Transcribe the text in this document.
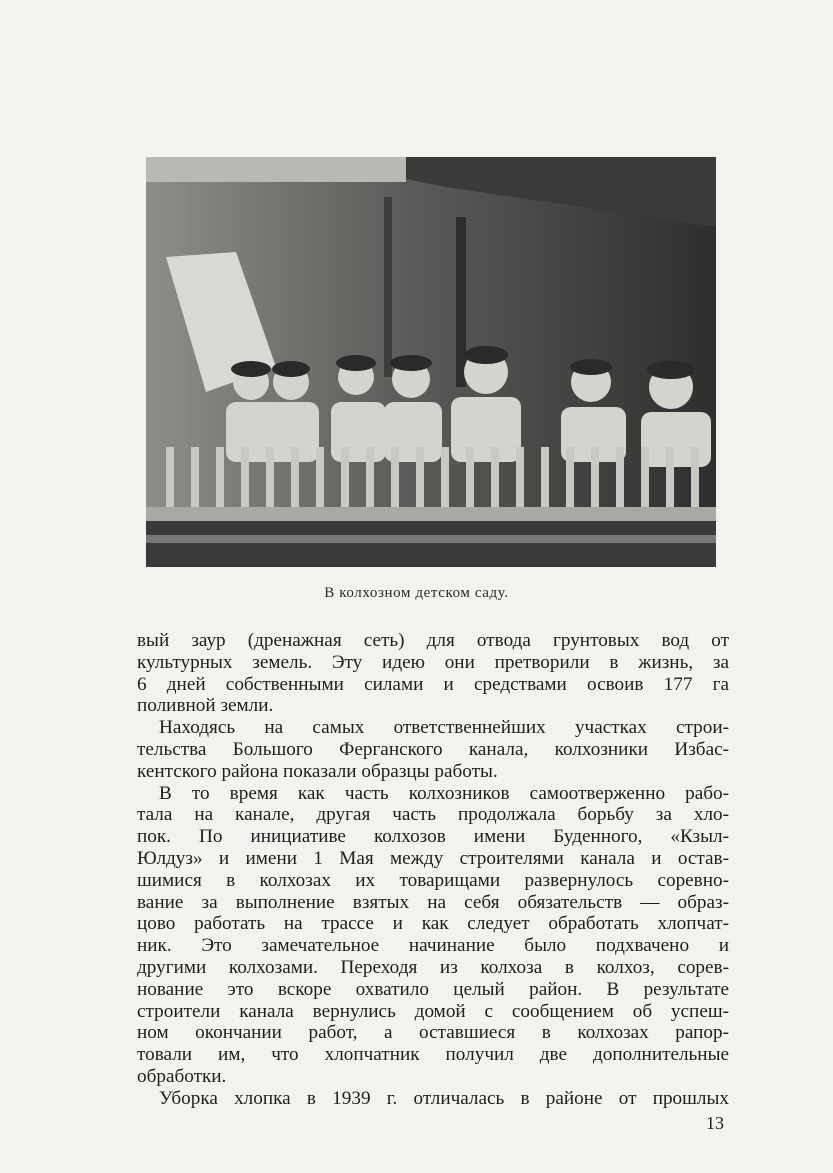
В колхозном детском саду.
вый заур (дренажная сеть) для отвода грунтовых вод от
культурных земель. Эту идею они претворили в жизнь, за
6 дней собственными силами и средствами освоив 177 га
поливной земли.
Находясь на самых ответственнейших участках строи-
тельства Большого Ферганского канала, колхозники Избас-
кентского района показали образцы работы.
В то время как часть колхозников самоотверженно рабо-
тала на канале, другая часть продолжала борьбу за хло-
пок. По инициативе колхозов имени Буденного, «Кзыл-
Юлдуз» и имени 1 Мая между строителями канала и остав-
шимися в колхозах их товарищами развернулось соревно-
вание за выполнение взятых на себя обязательств — образ-
цово работать на трассе и как следует обработать хлопчат-
ник. Это замечательное начинание было подхвачено и
другими колхозами. Переходя из колхоза в колхоз, сорев-
нование это вскоре охватило целый район. В результате
строители канала вернулись домой с сообщением об успеш-
ном окончании работ, а оставшиеся в колхозах рапор-
товали им, что хлопчатник получил две дополнительные
обработки.
Уборка хлопка в 1939 г. отличалась в районе от прошлых
13
